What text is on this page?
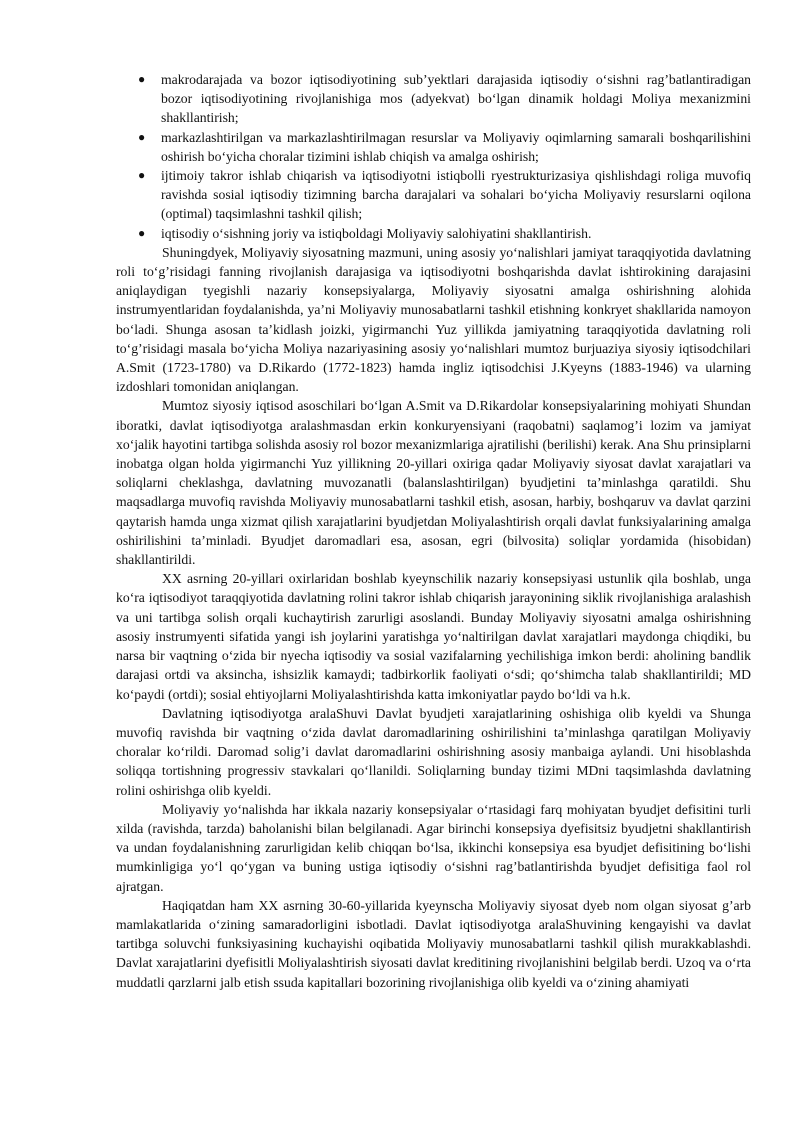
● makrodarajada va bozor iqtisodiyotining sub’yektlari darajasida iqtisodiy o‘sishni rag’batlantiradigan bozor iqtisodiyotining rivojlanishiga mos (adyekvat) bo‘lgan dinamik holdagi Moliya mexanizmini shakllantirish;
● markazlashtirilgan va markazlashtirilmagan resurslar va Moliyaviy oqimlarning samarali boshqarilishini oshirish bo‘yicha choralar tizimini ishlab chiqish va amalga oshirish;
● ijtimoiy takror ishlab chiqarish va iqtisodiyotni istiqbolli ryestrukturizasiya qishlishdagi roliga muvofiq ravishda sosial iqtisodiy tizimning barcha darajalari va sohalari bo‘yicha Moliyaviy resurslarni oqilona (optimal) taqsimlashni tashkil qilish;
● iqtisodiy o‘sishning joriy va istiqboldagi Moliyaviy salohiyatini shakllantirish.

Shuningdyek, Moliyaviy siyosatning mazmuni, uning asosiy yo‘nalishlari jamiyat taraqqiyotida davlatning roli to‘g’risidagi fanning rivojlanish darajasiga va iqtisodiyotni boshqarishda davlat ishtirokining darajasini aniqlaydigan tyegishli nazariy konsepsiyalarga, Moliyaviy siyosatni amalga oshirishning alohida instrumyentlaridan foydalanishda, ya’ni Moliyaviy munosabatlarni tashkil etishning konkryet shakllarida namoyon bo‘ladi. Shunga asosan ta’kidlash joizki, yigirmanchi Yuz yillikda jamiyatning taraqqiyotida davlatning roli to‘g’risidagi masala bo‘yicha Moliya nazariyasining asosiy yo‘nalishlari mumtoz burjuaziya siyosiy iqtisodchilari A.Smit (1723-1780) va D.Rikardo (1772-1823) hamda ingliz iqtisodchisi J.Kyeyns (1883-1946) va ularning izdoshlari tomonidan aniqlangan.

Mumtoz siyosiy iqtisod asoschilari bo‘lgan A.Smit va D.Rikardolar konsepsiyalarining mohiyati Shundan iboratki, davlat iqtisodiyotga aralashmasdan erkin konkuryensiyani (raqobatni) saqlamog’i lozim va jamiyat xo‘jalik hayotini tartibga solishda asosiy rol bozor mexanizmlariga ajratilishi (berilishi) kerak. Ana Shu prinsiplarni inobatga olgan holda yigirmanchi Yuz yillikning 20-yillari oxiriga qadar Moliyaviy siyosat davlat xarajatlari va soliqlarni cheklashga, davlatning muvozanatli (balanslashtirilgan) byudjetini ta’minlashga qaratildi. Shu maqsadlarga muvofiq ravishda Moliyaviy munosabatlarni tashkil etish, asosan, harbiy, boshqaruv va davlat qarzini qaytarish hamda unga xizmat qilish xarajatlarini byudjetdan Moliyalashtirish orqali davlat funksiyalarining amalga oshirilishini ta’minladi. Byudjet daromadlari esa, asosan, egri (bilvosita) soliqlar yordamida (hisobidan) shakllantirildi.

XX asrning 20-yillari oxirlaridan boshlab kyeynschilik nazariy konsepsiyasi ustunlik qila boshlab, unga ko‘ra iqtisodiyot taraqqiyotida davlatning rolini takror ishlab chiqarish jarayonining siklik rivojlanishiga aralashish va uni tartibga solish orqali kuchaytirish zarurligi asoslandi. Bunday Moliyaviy siyosatni amalga oshirishning asosiy instrumyenti sifatida yangi ish joylarini yaratishga yo‘naltirilgan davlat xarajatlari maydonga chiqdiki, bu narsa bir vaqtning o‘zida bir nyecha iqtisodiy va sosial vazifalarning yechilishiga imkon berdi: aholining bandlik darajasi ortdi va aksincha, ishsizlik kamaydi; tadbirkorlik faoliyati o‘sdi; qo‘shimcha talab shakllantirildi; MD ko‘paydi (ortdi); sosial ehtiyojlarni Moliyalashtirishda katta imkoniyatlar paydo bo‘ldi va h.k.

Davlatning iqtisodiyotga aralaShuvi Davlat byudjeti xarajatlarining oshishiga olib kyeldi va Shunga muvofiq ravishda bir vaqtning o‘zida davlat daromadlarining oshirilishini ta’minlashga qaratilgan Moliyaviy choralar ko‘rildi. Daromad solig’i davlat daromadlarini oshirishning asosiy manbaiga aylandi. Uni hisoblashda soliqqa tortishning progressiv stavkalari qo‘llanildi. Soliqlarning bunday tizimi MDni taqsimlashda davlatning rolini oshirishga olib kyeldi.

Moliyaviy yo‘nalishda har ikkala nazariy konsepsiyalar o‘rtasidagi farq mohiyatan byudjet defisitini turli xilda (ravishda, tarzda) baholanishi bilan belgilanadi. Agar birinchi konsepsiya dyefisitsiz byudjetni shakllantirish va undan foydalanishning zarurligidan kelib chiqqan bo‘lsa, ikkinchi konsepsiya esa byudjet defisitining bo‘lishi mumkinligiga yo‘l qo‘ygan va buning ustiga iqtisodiy o‘sishni rag’batlantirishda byudjet defisitiga faol rol ajratgan.

Haqiqatdan ham XX asrning 30-60-yillarida kyeynscha Moliyaviy siyosat dyeb nom olgan siyosat g’arb mamlakatlarida o‘zining samaradorligini isbotladi. Davlat iqtisodiyotga aralaShuvining kengayishi va davlat tartibga soluvchi funksiyasining kuchayishi oqibatida Moliyaviy munosabatlarni tashkil qilish murakkablashdi. Davlat xarajatlarini dyefisitli Moliyalashtirish siyosati davlat kreditining rivojlanishini belgilab berdi. Uzoq va o‘rta muddatli qarzlarni jalb etish ssuda kapitallari bozorining rivojlanishiga olib kyeldi va o‘zining ahamiyati
